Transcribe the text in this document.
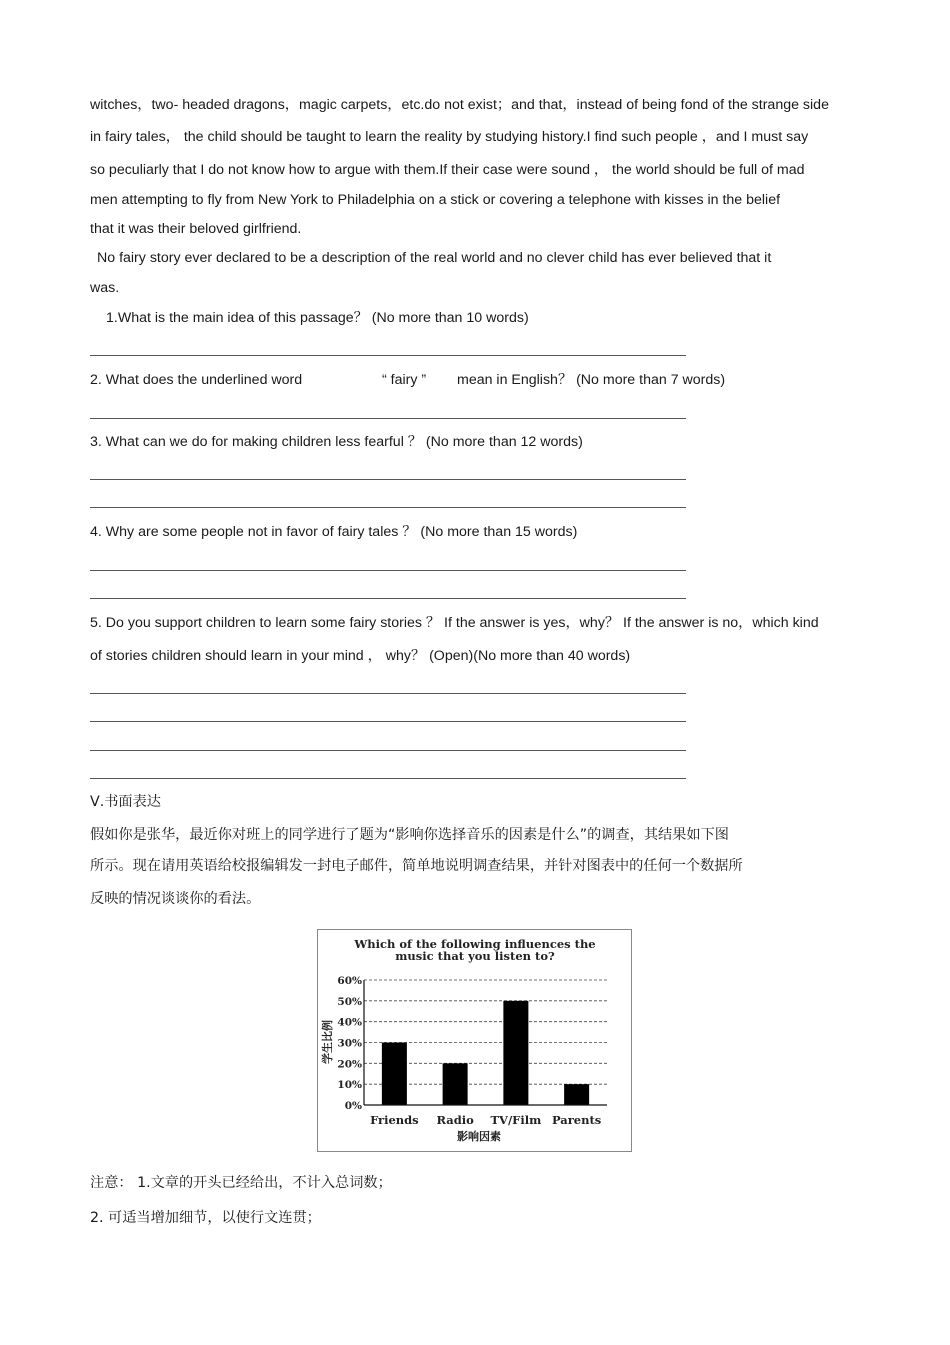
witches，two- headed dragons，magic carpets，etc.do not exist；and that，instead of being fond of the strange side
in fairy tales， the child should be taught to learn the reality by studying history.I find such people ，and I must say
so peculiarly that I do not know how to argue with them.If their case were sound ， the world should be full of mad
men attempting to fly from New York to Philadelphia on a stick or covering a telephone with kisses in the belief
that it was their beloved girlfriend.
No fairy story ever declared to be a description of the real world and no clever child has ever believed that it
was.
1.What is the main idea of this passage？ (No more than 10 words)
2. What does the underlined word	“ fairy ” mean in English？ (No more than 7 words)
3. What can we do for making children less fearful ？ (No more than 12 words)
4. Why are some people not in favor of fairy tales ？ (No more than 15 words)
5. Do you support children to learn some fairy stories ？ If the answer is yes，why？ If the answer is no，which kind
of stories children should learn in your mind ， why？ (Open)(No more than 40 words)
Ⅴ.书面表达
假如你是张华，最近你对班上的同学进行了题为“影响你选择音乐的因素是什么”的调查，其结果如下图
所示。现在请用英语给校报编辑发一封电子邮件，简单地说明调查结果，并针对图表中的任何一个数据所
反映的情况谈谈你的看法。
Which of the following influences the
music that you listen to?
0%
10%
20%
30%
40%
50%
60%
Friends Radio TV/Film Parents
影响因素
学生比例
注意： 1.文章的开头已经给出，不计入总词数；
2. 可适当增加细节，以使行文连贯；
